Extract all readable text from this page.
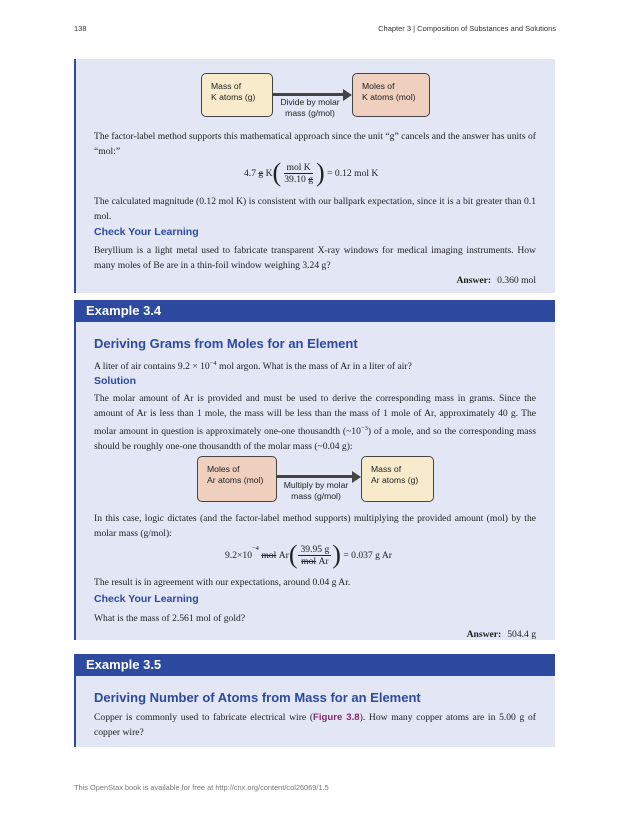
138	Chapter 3 | Composition of Substances and Solutions
Mass of
K atoms (g)	Divide by molar
mass (g/mol)
Moles of
K atoms (mol)
The factor-label method supports this mathematical approach since the unit “g” cancels and the answer has units of “mol:”
4.7
g
K ( $\frac{\text{mol K}}{39.10 g}$ )
=
0.12 mol K
The calculated magnitude (0.12 mol K) is consistent with our ballpark expectation, since it is a bit greater than 0.1 mol.
Check Your Learning
Beryllium is a light metal used to fabricate transparent X-ray windows for medical imaging instruments. How many moles of Be are in a thin-foil window weighing 3.24 g?
Answer: 0.360 mol
Example 3.4
Deriving Grams from Moles for an Element
A liter of air contains $9.2 \times 10^{-4}$ mol argon. What is the mass of Ar in a liter of air?
Solution
The molar amount of Ar is provided and must be used to derive the corresponding mass in grams. Since the amount of Ar is less than 1 mole, the mass will be less than the mass of 1 mole of Ar, approximately 40 g. The molar amount in question is approximately one-one thousandth $(\sim 10^{-3})$ of a mole, and so the corresponding mass should be roughly one-one thousandth of the molar mass (~0.04 g):
Moles of
Ar atoms (mol)	Multiply by molar
mass (g/mol)
Mass of
Ar atoms (g)
In this case, logic dictates (and the factor-label method supports) multiplying the provided amount (mol) by the molar mass (g/mol):
9.2 × 10
$^{-4}$

mol
Ar ( $\frac{39.95 g}{\text{mol Ar}}$ )
=
0.037 g Ar
The result is in agreement with our expectations, around 0.04 g Ar.
Check Your Learning
What is the mass of 2.561 mol of gold?
Answer: 504.4 g
Example 3.5
Deriving Number of Atoms from Mass for an Element
Copper is commonly used to fabricate electrical wire (Figure 3.8). How many copper atoms are in 5.00 g of copper wire?
This OpenStax book is available for free at http://cnx.org/content/col26069/1.5
